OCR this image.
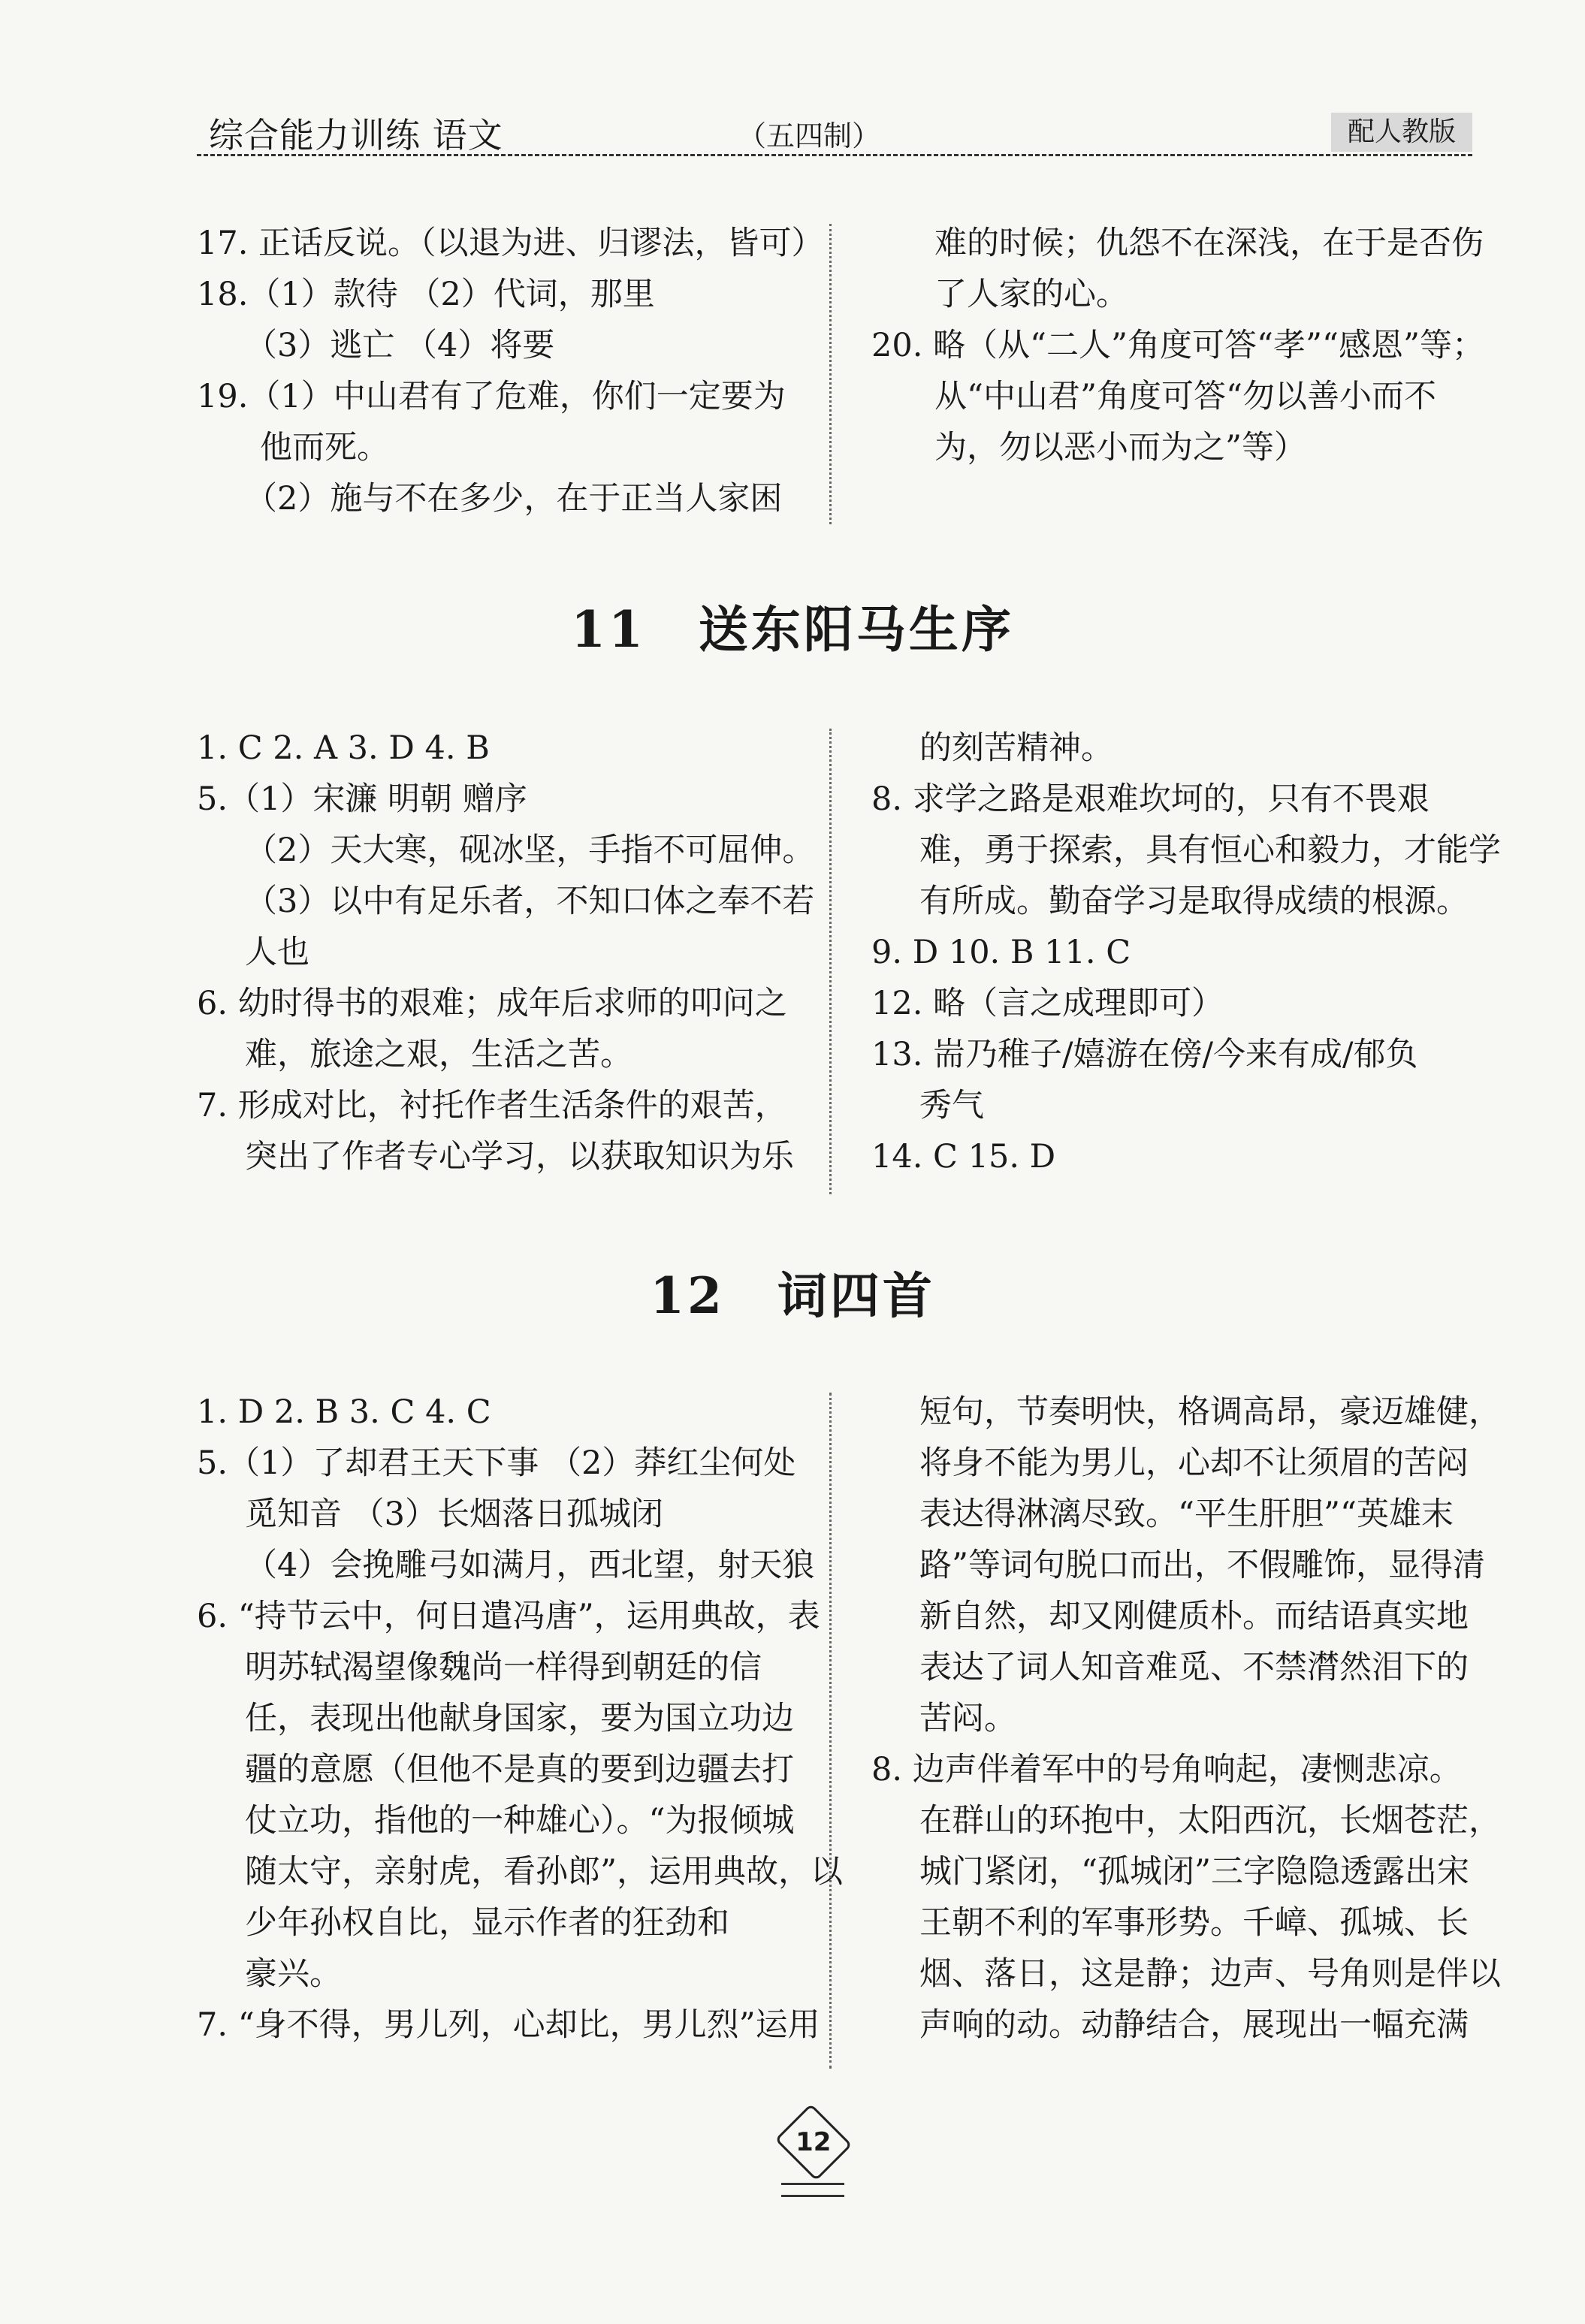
综合能力训练 语文	（五四制）	配人教版
17. 正话反说。（以退为进、归谬法，皆可）
18.（1）款待 （2）代词，那里
（3）逃亡 （4）将要
19.（1）中山君有了危难，你们一定要为
他而死。
（2）施与不在多少，在于正当人家困
难的时候；仇怨不在深浅，在于是否伤
了人家的心。
20. 略（从“二人”角度可答“孝”“感恩”等；
从“中山君”角度可答“勿以善小而不
为，勿以恶小而为之”等）
11 送东阳马生序
1. C 2. A 3. D 4. B
5.（1）宋濂 明朝 赠序
（2）天大寒，砚冰坚，手指不可屈伸。
（3）以中有足乐者，不知口体之奉不若
人也
6. 幼时得书的艰难；成年后求师的叩问之
难，旅途之艰，生活之苦。
7. 形成对比，衬托作者生活条件的艰苦，
突出了作者专心学习，以获取知识为乐
的刻苦精神。
8. 求学之路是艰难坎坷的，只有不畏艰
难，勇于探索，具有恒心和毅力，才能学
有所成。勤奋学习是取得成绩的根源。
9. D 10. B 11. C
12. 略（言之成理即可）
13. 耑乃稚子/嬉游在傍/今来有成/郁负
秀气
14. C 15. D
12 词四首
1. D 2. B 3. C 4. C
5.（1）了却君王天下事 （2）莽红尘何处
觅知音 （3）长烟落日孤城闭
（4）会挽雕弓如满月，西北望，射天狼
6. “持节云中，何日遣冯唐”，运用典故，表
明苏轼渴望像魏尚一样得到朝廷的信
任，表现出他献身国家，要为国立功边
疆的意愿（但他不是真的要到边疆去打
仗立功，指他的一种雄心）。“为报倾城
随太守，亲射虎，看孙郎”，运用典故，以
少年孙权自比，显示作者的狂劲和
豪兴。
7. “身不得，男儿列，心却比，男儿烈”运用
短句，节奏明快，格调高昂，豪迈雄健，
将身不能为男儿，心却不让须眉的苦闷
表达得淋漓尽致。“平生肝胆”“英雄末
路”等词句脱口而出，不假雕饰，显得清
新自然，却又刚健质朴。而结语真实地
表达了词人知音难觅、不禁潸然泪下的
苦闷。
8. 边声伴着军中的号角响起，凄恻悲凉。
在群山的环抱中，太阳西沉，长烟苍茫，
城门紧闭，“孤城闭”三字隐隐透露出宋
王朝不利的军事形势。千嶂、孤城、长
烟、落日，这是静；边声、号角则是伴以
声响的动。动静结合，展现出一幅充满
12
